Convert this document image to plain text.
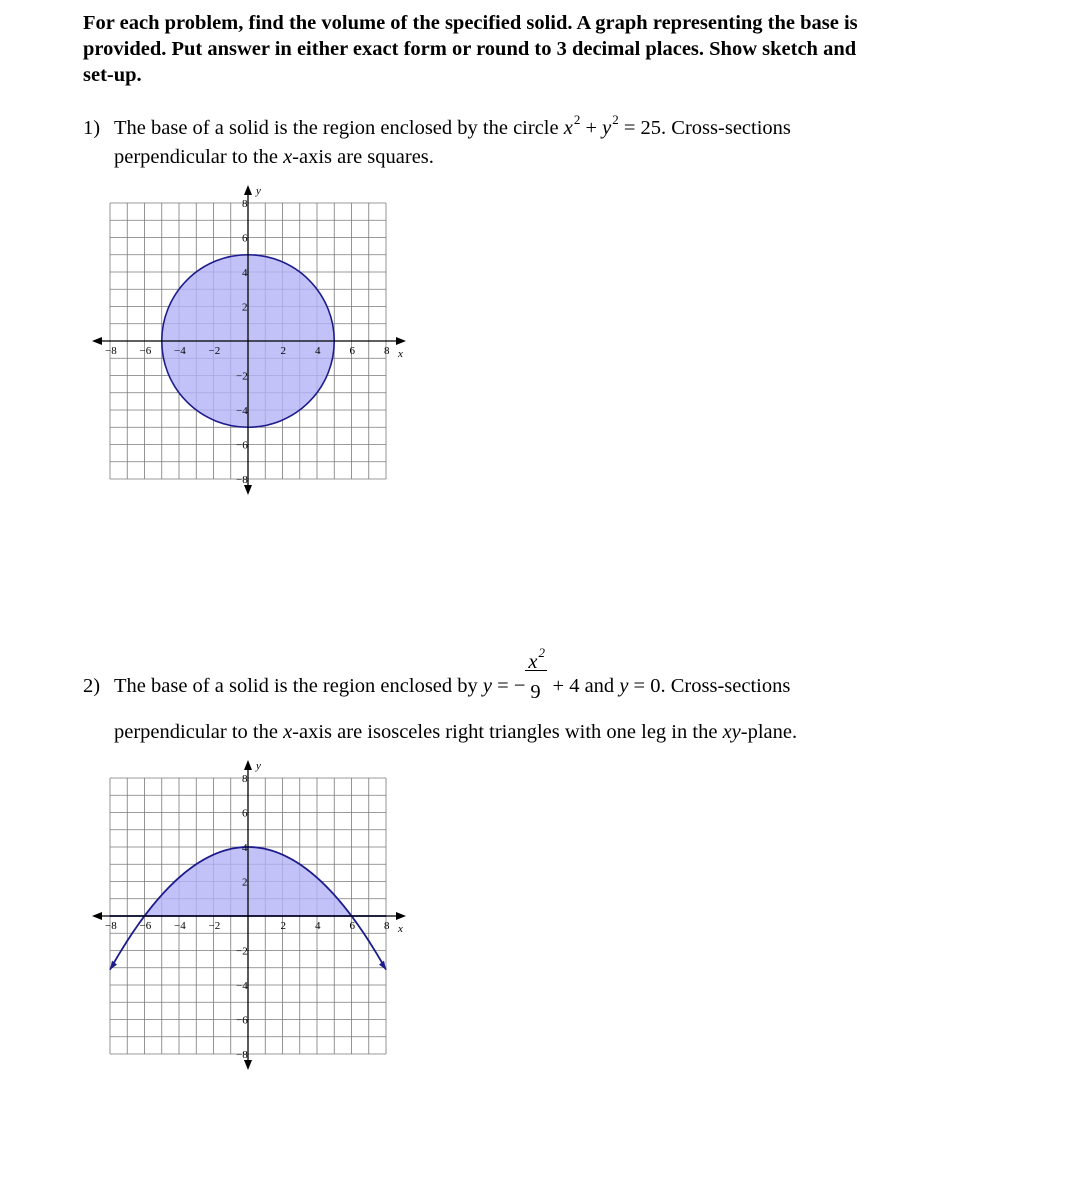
For each problem, find the volume of the specified solid. A graph representing the base is
provided. Put answer in either exact form or round to 3 decimal places. Show sketch and
set-up.
1) The base of a solid is the region enclosed by the circle $x^2 + y^2 = 25$. Cross-sections
perpendicular to the x-axis are squares.
2) The base of a solid is the region enclosed by y = − $\frac{x^2}{9} + 4$ and y = 0. Cross-sections
perpendicular to the x-axis are isosceles right triangles with one leg in the xy-plane.
x
y
−8 −6 −4 −2	2	4	6	8
8
6
4
2
−2
−4
−6
−8
x
y
−8 −6 −4 −2	2	4	6	8
8
6
4
2
−2
−4
−6
−8
